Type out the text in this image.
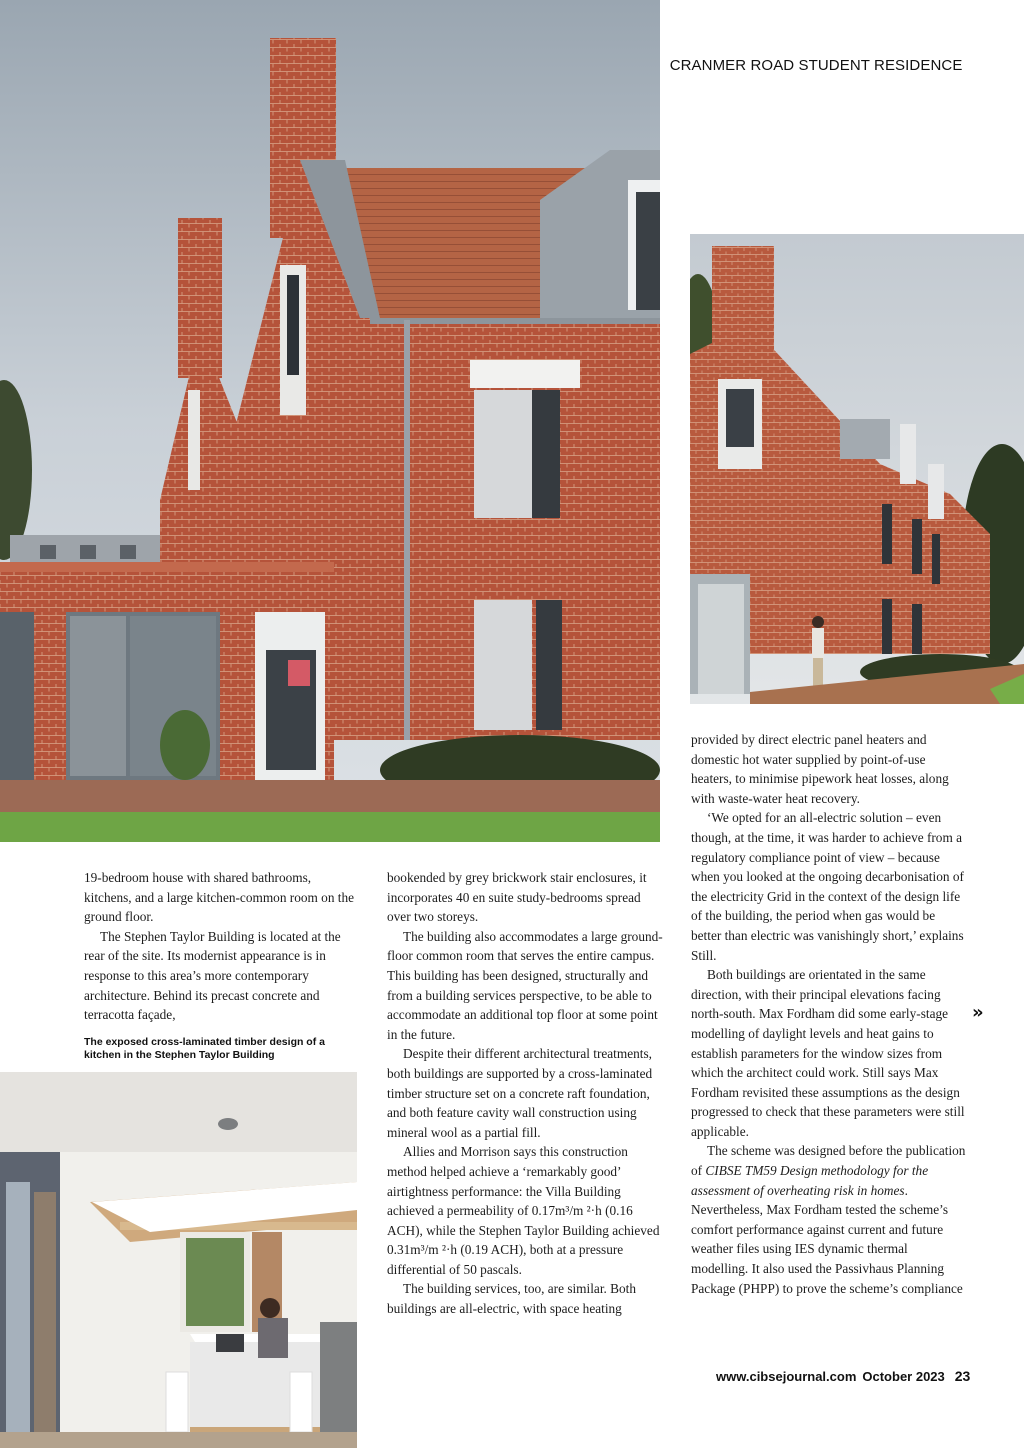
CRANMER ROAD STUDENT RESIDENCE

19-bedroom house with shared bathrooms, kitchens, and a large kitchen-common room on the ground floor.

The Stephen Taylor Building is located at the rear of the site. Its modernist appearance is in response to this area’s more contemporary architecture. Behind its precast concrete and terracotta façade,

The exposed cross-laminated timber design of a kitchen in the Stephen Taylor Building

bookended by grey brickwork stair enclosures, it incorporates 40 en suite study-bedrooms spread over two storeys.

The building also accommodates a large ground-floor common room that serves the entire campus. This building has been designed, structurally and from a building services perspective, to be able to accommodate an additional top floor at some point in the future.

Despite their different architectural treatments, both buildings are supported by a cross-laminated timber structure set on a concrete raft foundation, and both feature cavity wall construction using mineral wool as a partial fill.

Allies and Morrison says this construction method helped achieve a ‘remarkably good’ airtightness performance: the Villa Building achieved a permeability of 0.17m³/m ²·h (0.16 ACH), while the Stephen Taylor Building achieved 0.31m³/m ²·h (0.19 ACH), both at a pressure differential of 50 pascals.

The building services, too, are similar. Both buildings are all-electric, with space heating

provided by direct electric panel heaters and domestic hot water supplied by point-of-use heaters, to minimise pipework heat losses, along with waste-water heat recovery.

‘We opted for an all-electric solution – even though, at the time, it was harder to achieve from a regulatory compliance point of view – because when you looked at the ongoing decarbonisation of the electricity Grid in the context of the design life of the building, the period when gas would be better than electric was vanishingly short,’ explains Still.

Both buildings are orientated in the same direction, with their principal elevations facing north-south. Max Fordham did some early-stage modelling of daylight levels and heat gains to establish parameters for the window sizes from which the architect could work. Still says Max Fordham revisited these assumptions as the design progressed to check that these parameters were still applicable.

The scheme was designed before the publication of CIBSE TM59 Design methodology for the assessment of overheating risk in homes. Nevertheless, Max Fordham tested the scheme’s comfort performance against current and future weather files using IES dynamic thermal modelling. It also used the Passivhaus Planning Package (PHPP) to prove the scheme’s compliance

»
www.cibsejournal.com October 2023 23
